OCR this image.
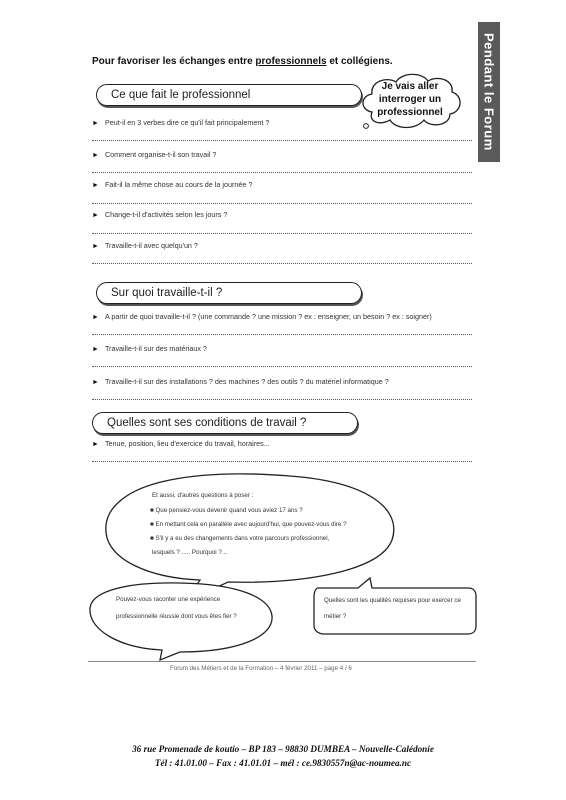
Pendant le Forum
Pour favoriser les échanges entre professionnels et collégiens.
Je vais aller
interroger un
professionnel
Ce que fait le professionnel
► Peut-il en 3 verbes dire ce qu'il fait principalement ?
► Comment organise-t-il son travail ?
► Fait-il la même chose au cours de la journée ?
► Change-t-il d'activités selon les jours ?
► Travaille-t-il avec quelqu'un ?
Sur quoi travaille-t-il ?
► A partir de quoi travaille-t-il ? (une commande ? une mission ? ex : enseigner, un besoin ? ex : soigner)
► Travaille-t-il sur des matériaux ?
► Travaille-t-il sur des installations ? des machines ? des outils ? du matériel informatique ?
Quelles sont ses conditions de travail ?
► Tenue, position, lieu d'exercice du travail, horaires...
Et aussi, d'autres questions à poser :
■ Que pensiez-vous devenir quand vous aviez 17 ans ?
■ En mettant cela en parallèle avec aujourd'hui, que pouvez-vous dire ?
■ S'il y a eu des changements dans votre parcours professionnel,
lesquels ? ..... Pourquoi ?...
Pouvez-vous raconter une expérience
professionnelle réussie dont vous êtes fier ?
Quelles sont les qualités requises pour exercer ce
métier ?
Forum des Métiers et de la Formation – 4 février 2011 – page 4 / 6
36 rue Promenade de koutio – BP 183 – 98830 DUMBEA – Nouvelle-Calédonie
Tél : 41.01.00 – Fax : 41.01.01 – mél : ce.9830557n@ac-noumea.nc
